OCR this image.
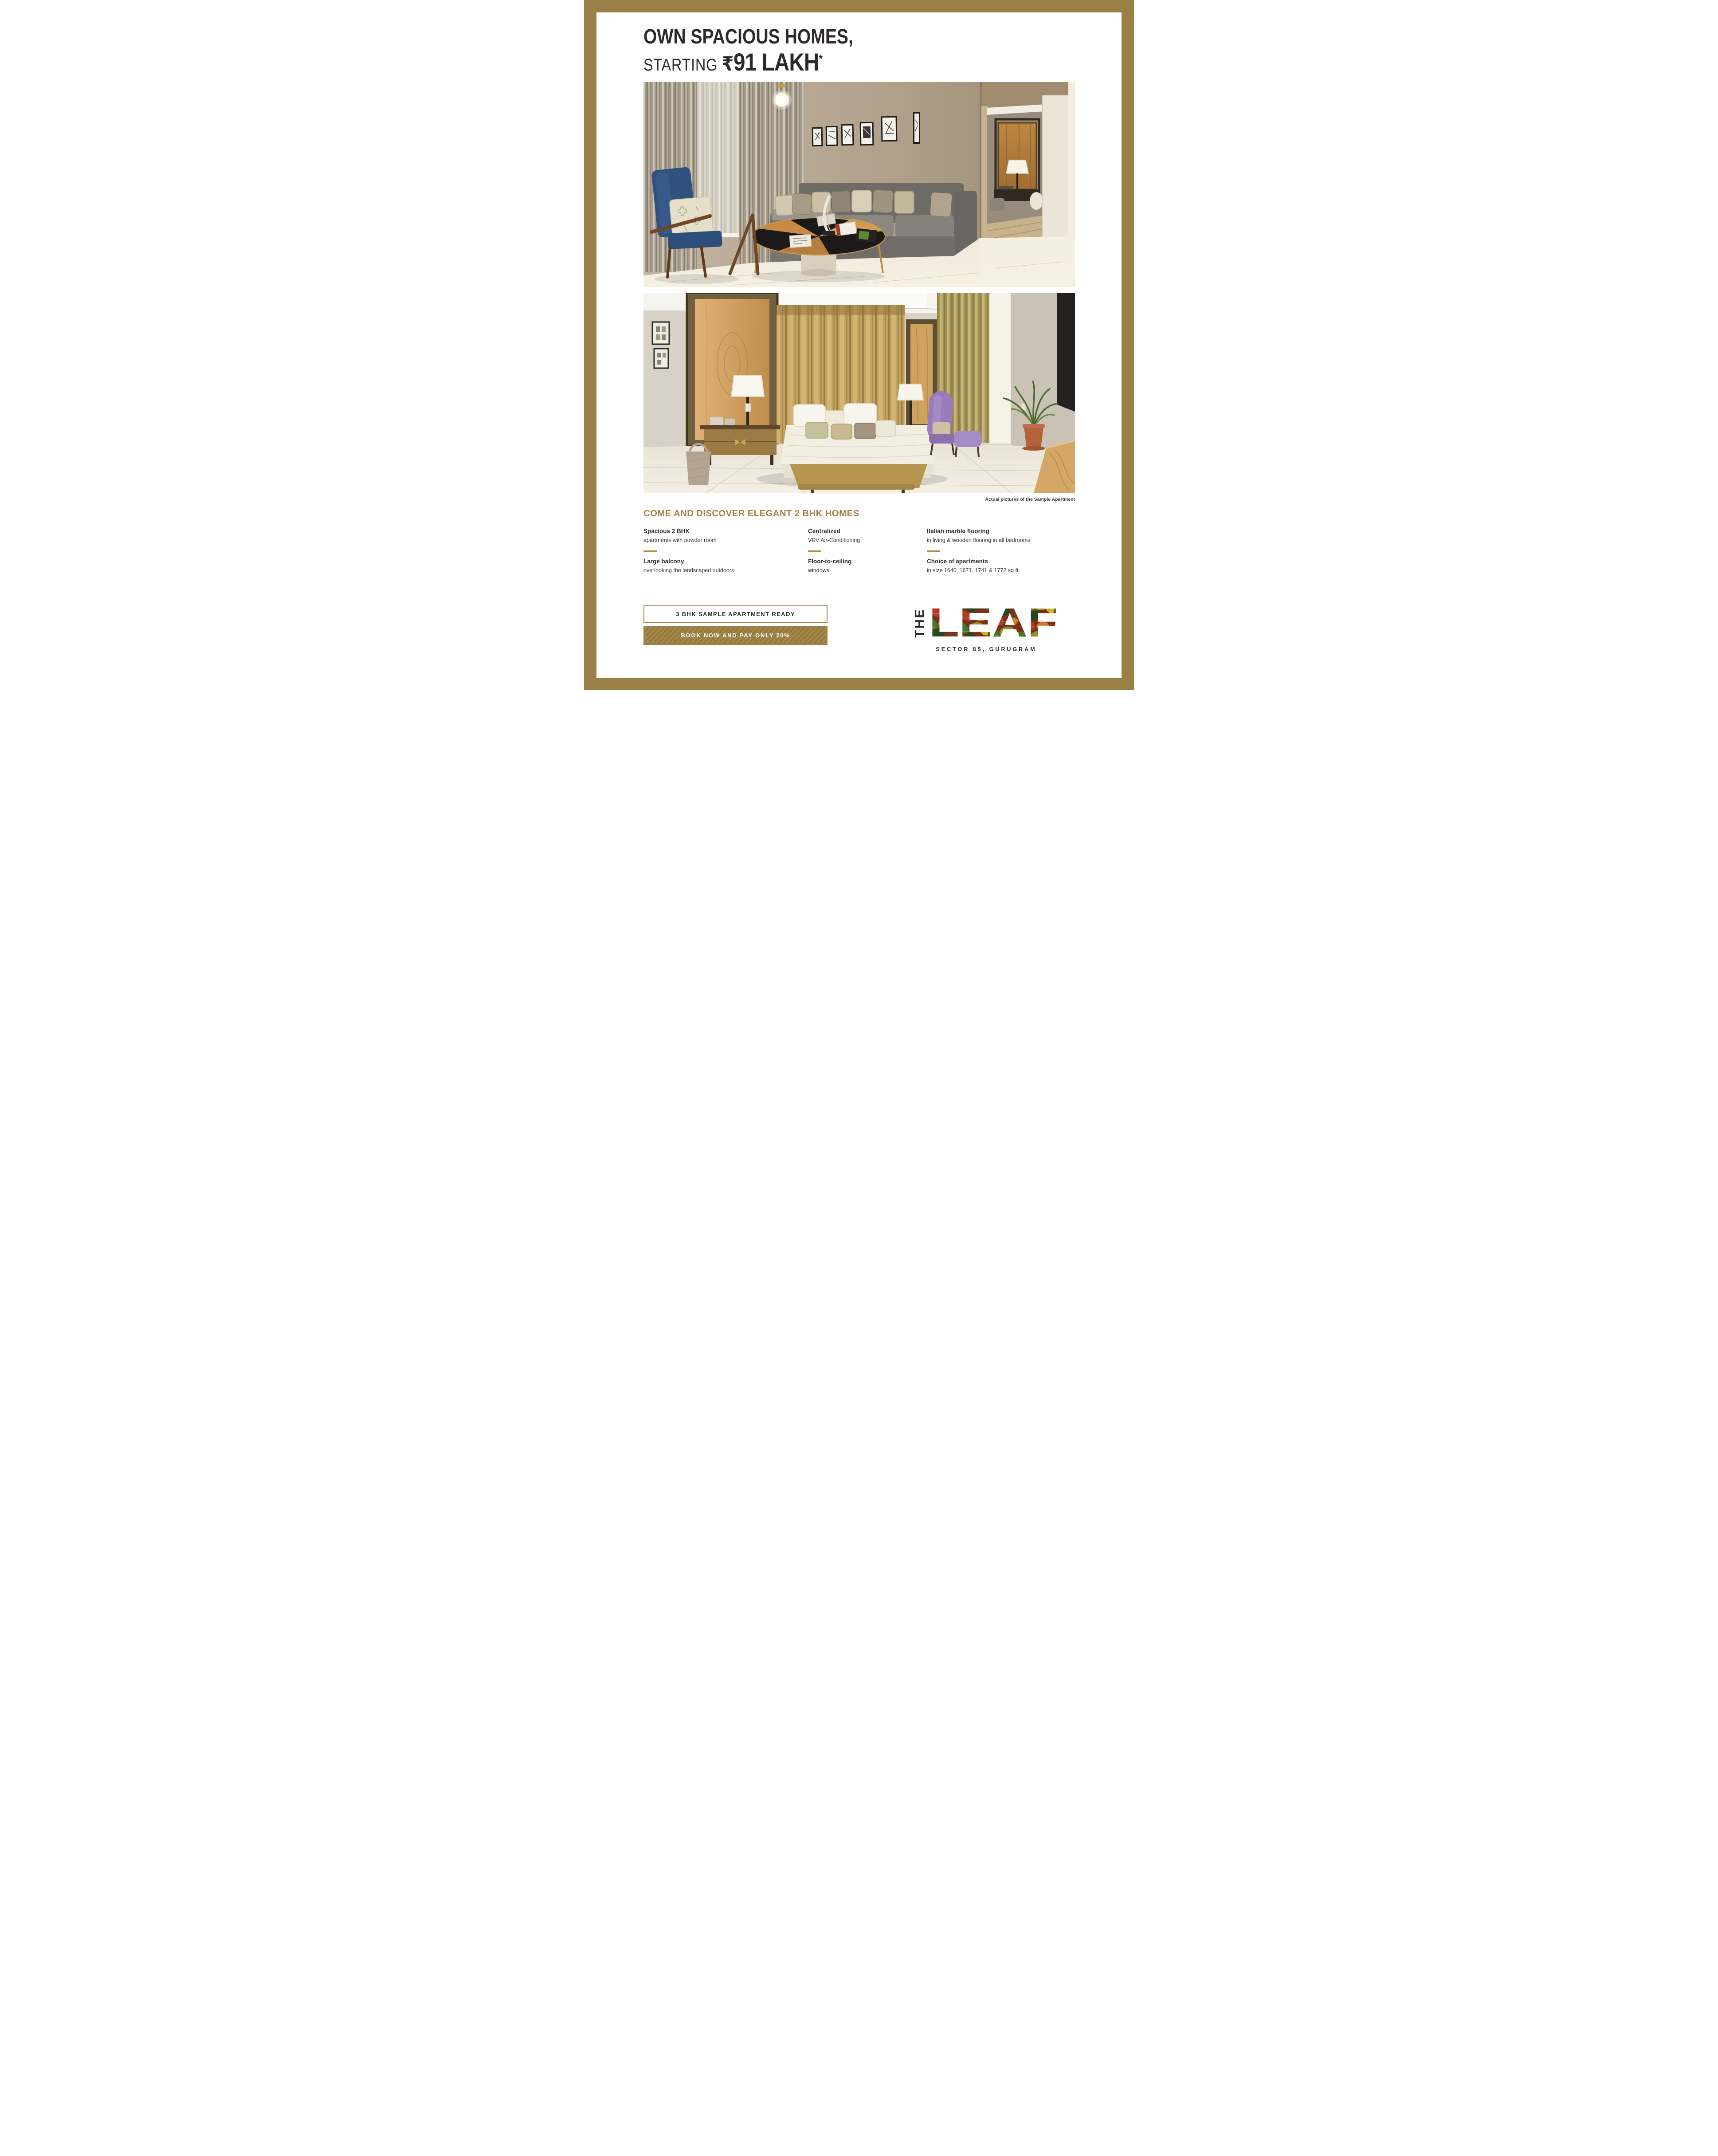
OWN SPACIOUS HOMES,
STARTING ₹91 LAKH*
Actual pictures of the Sample Apartment
COME AND DISCOVER ELEGANT 2 BHK HOMES
Spacious 2 BHK
apartments with powder room
Large balcony
overlooking the landscaped outdoors
Centralized
VRV Air-Conditioning
Floor-to-ceiling
windows
Italian marble flooring
in living & wooden flooring in all bedrooms
Choice of apartments
in size 1640, 1671, 1741 & 1772 sq.ft.
3 BHK SAMPLE APARTMENT READY
BOOK NOW AND PAY ONLY 20%	THE LEAF
SECTOR 85, GURUGRAM
